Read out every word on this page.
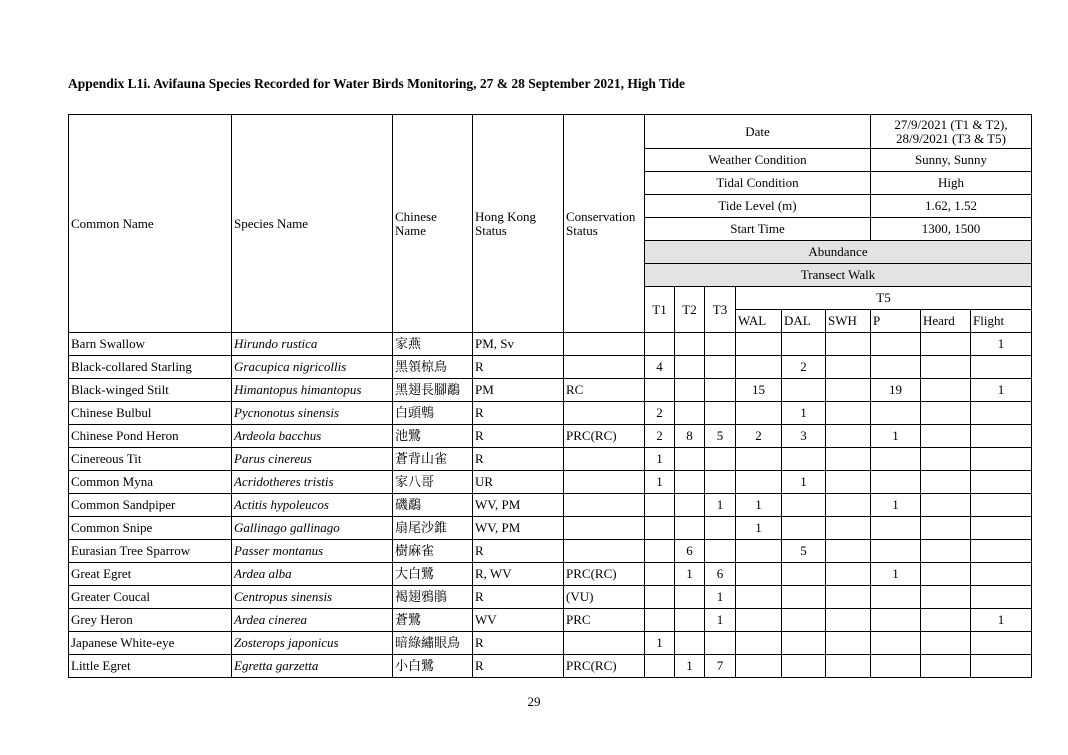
Appendix L1i. Avifauna Species Recorded for Water Birds Monitoring, 27 & 28 September 2021, High Tide
Common Name	Species Name	Chinese Name	Hong Kong Status	Conservation Status	Date						27/9/2021 (T1 & T2), 28/9/2021 (T3 & T5)		
					Weather Condition						Sunny, Sunny		
					Tidal Condition						High		
					Tide Level (m)						1.62, 1.52		
					Start Time						1300, 1500		
					Abundance								
					Transect Walk								
					T1	T2	T3	T5					
								WAL	DAL	SWH	P	Heard	Flight
Barn Swallow	Hirundo rustica	家燕	PM, Sv										1
Black-collared Starling	Gracupica nigricollis	黑領椋鳥	R		4				2				
Black-winged Stilt	Himantopus himantopus	黑翅長腳鷸	PM	RC				15			19		1
Chinese Bulbul	Pycnonotus sinensis	白頭鵯	R		2				1				
Chinese Pond Heron	Ardeola bacchus	池鷺	R	PRC(RC)	2	8	5	2	3		1		
Cinereous Tit	Parus cinereus	蒼背山雀	R		1								
Common Myna	Acridotheres tristis	家八哥	UR		1				1				
Common Sandpiper	Actitis hypoleucos	磯鷸	WV, PM				1	1			1		
Common Snipe	Gallinago gallinago	扇尾沙錐	WV, PM					1					
Eurasian Tree Sparrow	Passer montanus	樹麻雀	R			6			5				
Great Egret	Ardea alba	大白鷺	R, WV	PRC(RC)		1	6				1		
Greater Coucal	Centropus sinensis	褐翅鴉鵑	R	(VU)			1						
Grey Heron	Ardea cinerea	蒼鷺	WV	PRC			1						1
Japanese White-eye	Zosterops japonicus	暗綠繡眼鳥	R		1								
Little Egret	Egretta garzetta	小白鷺	R	PRC(RC)		1	7						
29
